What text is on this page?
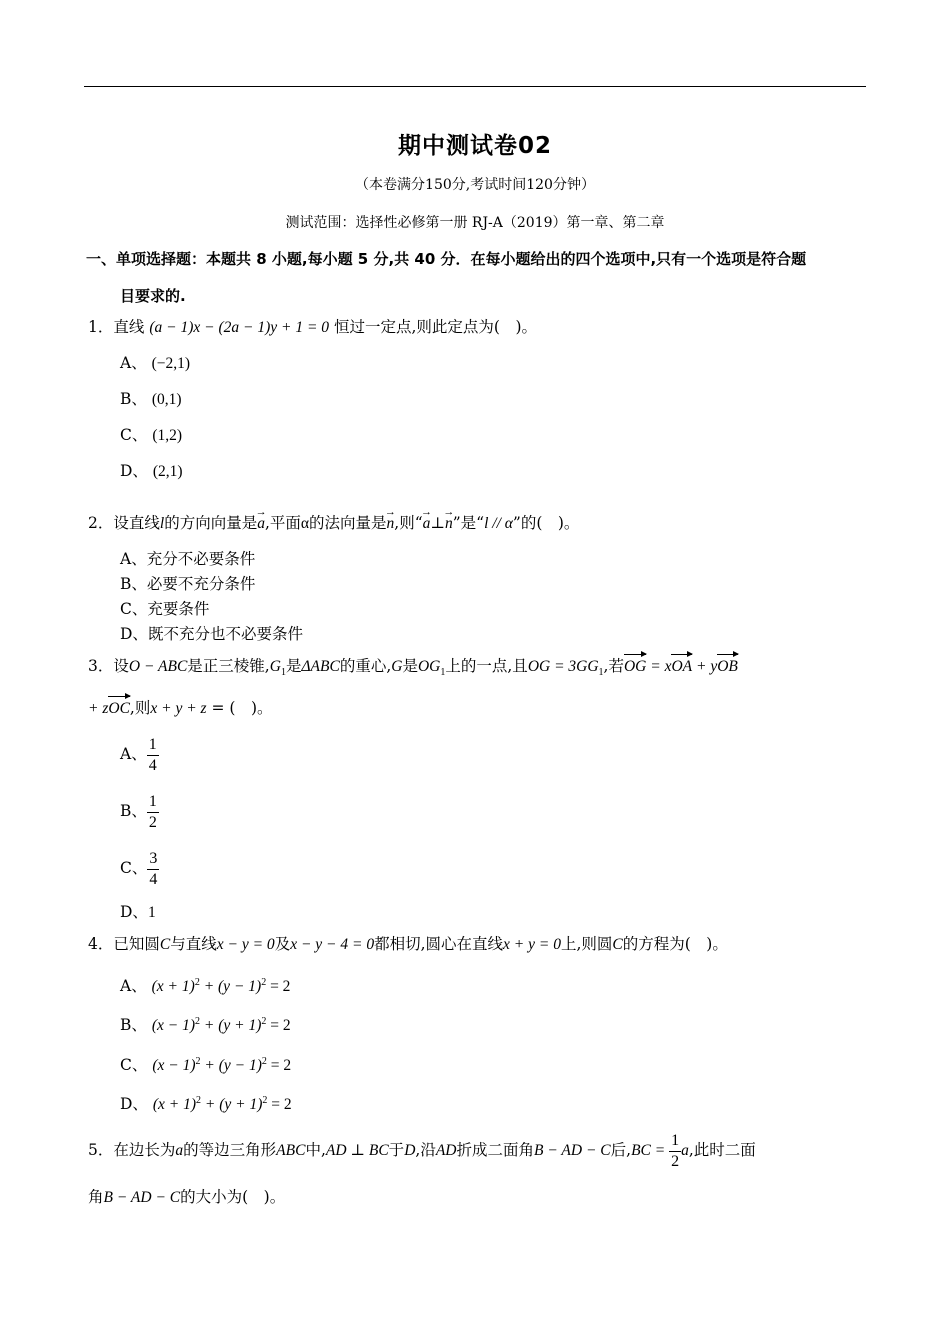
期中测试卷02
（本卷满分150分,考试时间120分钟）
测试范围：选择性必修第一册 RJ-A（2019）第一章、第二章
一、单项选择题：本题共 8 小题,每小题 5 分,共 40 分．在每小题给出的四个选项中,只有一个选项是符合题
目要求的.
1．直线 (a − 1)x − (2a − 1)y + 1 = 0 恒过一定点,则此定点为(　)。
A、 (−2,1)
B、 (0,1)
C、 (1,2)
D、 (2,1)
2．设直线l的方向向量是→ a,平面α的法向量是→ n,则“→ a⊥→ n”是“l // α”的(　)。
A、充分不必要条件
B、必要不充分条件
C、充要条件
D、既不充分也不必要条件
3．设O − ABC是正三棱锥$,G_1$是ΔABC的重心,G是$OG_1$上的一点,且OG = $3GG_1$,若OG = xOA + yOB
+ zOC,则x + y + z = (　)。
A、 $\frac{1}{4}$
B、 $\frac{1}{2}$
C、 $\frac{3}{4}$
D、1
4．已知圆C与直线x − y = 0及x − y − 4 = 0都相切,圆心在直线x + y = 0上,则圆C的方程为(　)。
A、 $(x + 1)^2 + (y - 1)^2 = 2$
B、 $(x - 1)^2 + (y + 1)^2 = 2$
C、 $(x - 1)^2 + (y - 1)^2 = 2$
D、 $(x + 1)^2 + (y + 1)^2 = 2$
5．在边长为a的等边三角形ABC中,AD ⊥ BC于D,沿AD折成二面角B − AD − C后$,BC = \frac{1}{2} a$,此时二面
角B − AD − C的大小为(　)。
